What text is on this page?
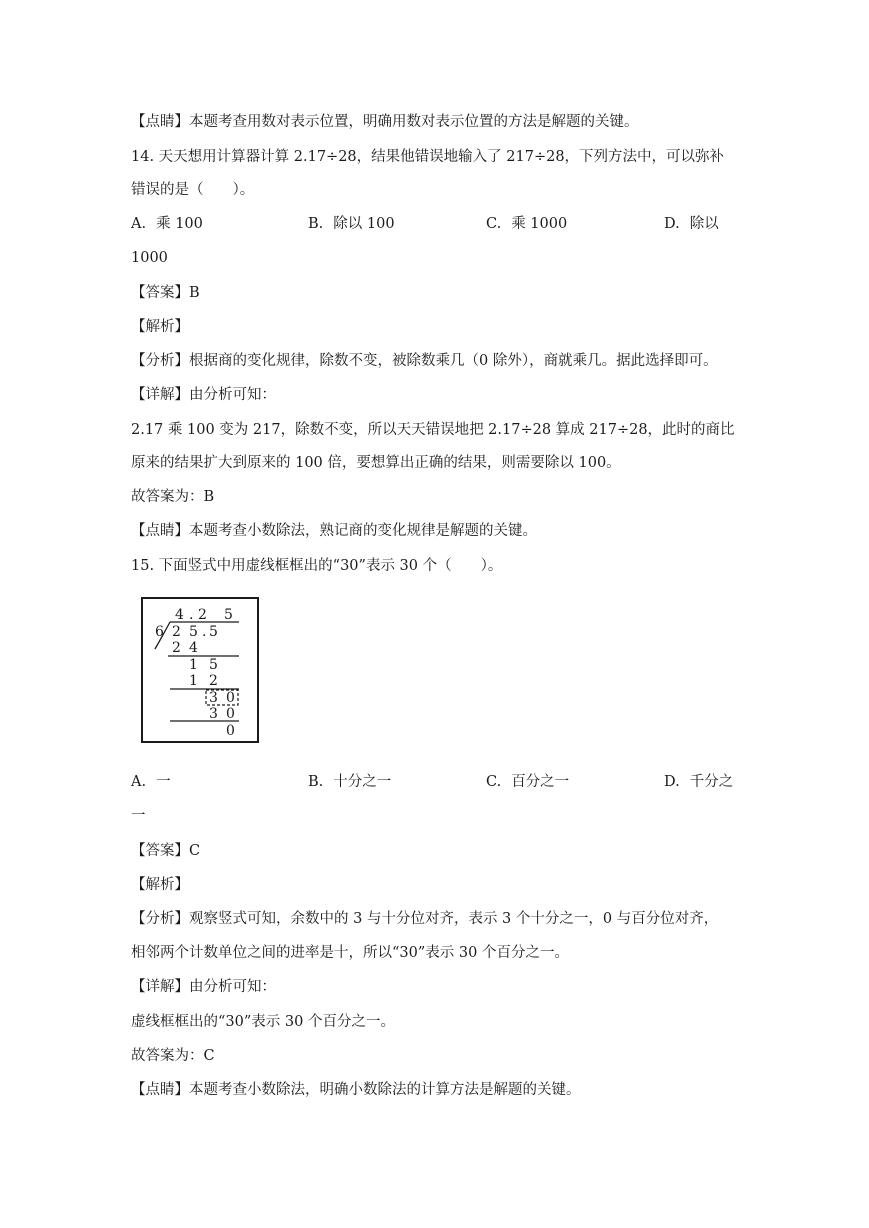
【点睛】本题考查用数对表示位置，明确用数对表示位置的方法是解题的关键。
14. 天天想用计算器计算 2.17÷28，结果他错误地输入了 217÷28，下列方法中，可以弥补
错误的是（　　）。
A. 乘 100	B. 除以 100	C. 乘 1000	D. 除以
1000
【答案】B
【解析】
【分析】根据商的变化规律，除数不变，被除数乘几（0 除外），商就乘几。据此选择即可。
【详解】由分析可知：
2.17 乘 100 变为 217，除数不变，所以天天错误地把 2.17÷28 算成 217÷28，此时的商比
原来的结果扩大到原来的 100 倍，要想算出正确的结果，则需要除以 100。
故答案为：B
【点睛】本题考查小数除法，熟记商的变化规律是解题的关键。
15. 下面竖式中用虚线框框出的“30”表示 30 个（　　）。
4 . 2 5
6 2 5 . 5
2 4
1 5
1 2
3 0
3 0
0
A. 一	B. 十分之一	C. 百分之一	D. 千分之
一
【答案】C
【解析】
【分析】观察竖式可知，余数中的 3 与十分位对齐，表示 3 个十分之一，0 与百分位对齐，
相邻两个计数单位之间的进率是十，所以“30”表示 30 个百分之一。
【详解】由分析可知：
虚线框框出的“30”表示 30 个百分之一。
故答案为：C
【点睛】本题考查小数除法，明确小数除法的计算方法是解题的关键。
